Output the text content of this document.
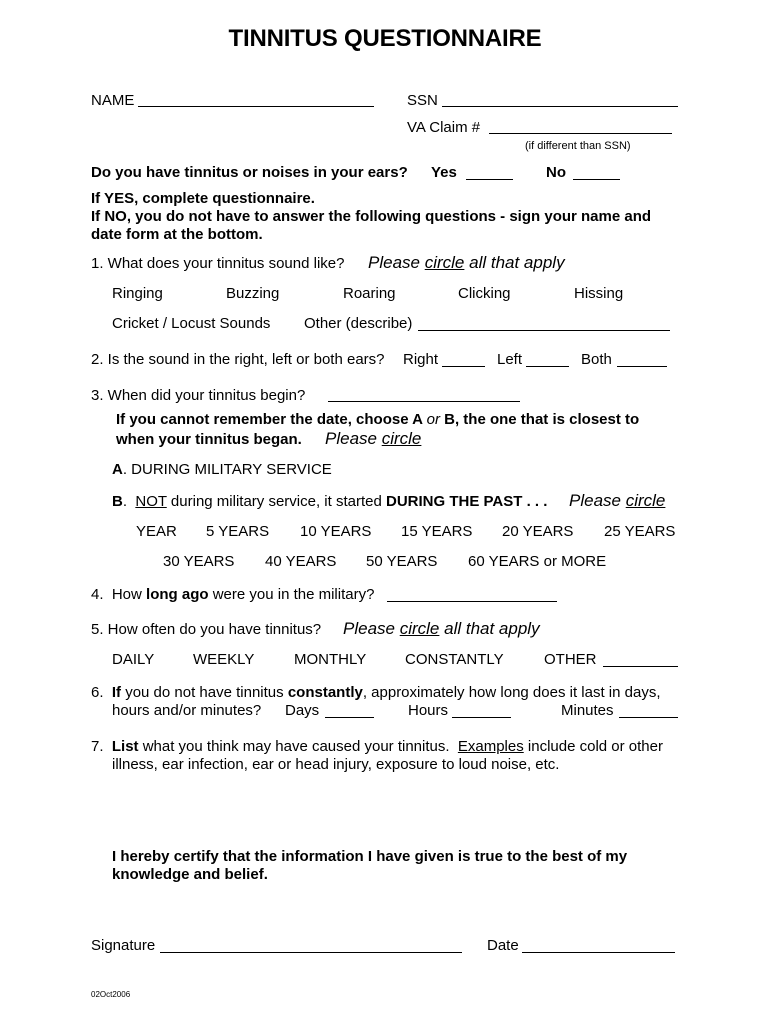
TINNITUS QUESTIONNAIRE
NAME	SSN
VA Claim #
(if different than SSN)
Do you have tinnitus or noises in your ears? Yes	No
If YES, complete questionnaire.
If NO, you do not have to answer the following questions - sign your name and
date form at the bottom.
1. What does your tinnitus sound like? Please circle all that apply
Ringing	Buzzing	Roaring	Clicking	Hissing
Cricket / Locust Sounds Other (describe)
2. Is the sound in the right, left or both ears? Right	Left	Both
3. When did your tinnitus begin?
If you cannot remember the date, choose A or B, the one that is closest to
when your tinnitus began. Please circle
A. DURING MILITARY SERVICE
B.  NOT during military service, it started DURING THE PAST . . . Please circle
YEAR 5 YEARS 10 YEARS 15 YEARS 20 YEARS 25 YEARS
30 YEARS 40 YEARS 50 YEARS 60 YEARS or MORE
4.  How long ago were you in the military?
5. How often do you have tinnitus? Please circle all that apply
DAILY	WEEKLY	MONTHLY	CONSTANTLY	OTHER
6.  If you do not have tinnitus constantly, approximately how long does it last in days,
hours and/or minutes? Days	Hours	Minutes
7.  List what you think may have caused your tinnitus.  Examples include cold or other
illness, ear infection, ear or head injury, exposure to loud noise, etc.
I hereby certify that the information I have given is true to the best of my
knowledge and belief.
Signature	Date
02Oct2006
